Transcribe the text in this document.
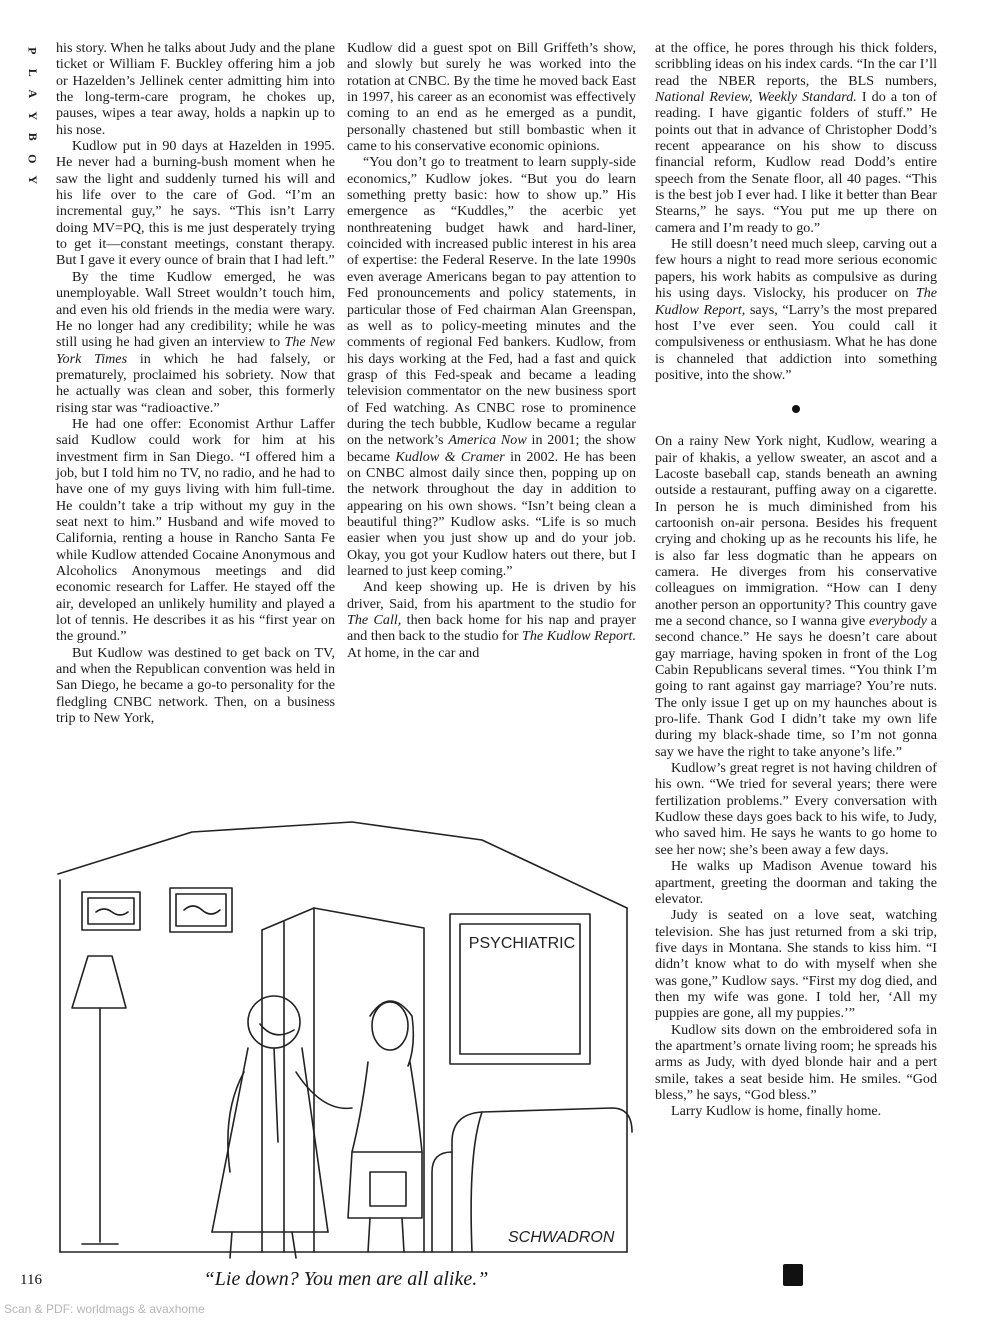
P
L
A
Y
B
O
Y

his story. When he talks about Judy and the plane ticket or William F. Buckley offering him a job or Hazelden’s Jellinek center admitting him into the long-term-care program, he chokes up, pauses, wipes a tear away, holds a napkin up to his nose.

Kudlow put in 90 days at Hazelden in 1995. He never had a burning-bush moment when he saw the light and suddenly turned his will and his life over to the care of God. “I’m an incremental guy,” he says. “This isn’t Larry doing MV=PQ, this is me just desperately trying to get it—constant meetings, constant therapy. But I gave it every ounce of brain that I had left.”

By the time Kudlow emerged, he was unemployable. Wall Street wouldn’t touch him, and even his old friends in the media were wary. He no longer had any credibility; while he was still using he had given an interview to The New York Times in which he had falsely, or prematurely, proclaimed his sobriety. Now that he actually was clean and sober, this formerly rising star was “radioactive.”

He had one offer: Economist Arthur Laffer said Kudlow could work for him at his investment firm in San Diego. “I offered him a job, but I told him no TV, no radio, and he had to have one of my guys living with him full-time. He couldn’t take a trip without my guy in the seat next to him.” Husband and wife moved to California, renting a house in Rancho Santa Fe while Kudlow attended Cocaine Anonymous and Alcoholics Anonymous meetings and did economic research for Laffer. He stayed off the air, developed an unlikely humility and played a lot of tennis. He describes it as his “first year on the ground.”

But Kudlow was destined to get back on TV, and when the Republican convention was held in San Diego, he became a go-to personality for the fledgling CNBC network. Then, on a business trip to New York,

Kudlow did a guest spot on Bill Griffeth’s show, and slowly but surely he was worked into the rotation at CNBC. By the time he moved back East in 1997, his career as an economist was effectively coming to an end as he emerged as a pundit, personally chastened but still bombastic when it came to his conservative economic opinions.

“You don’t go to treatment to learn supply-side economics,” Kudlow jokes. “But you do learn something pretty basic: how to show up.” His emergence as “Kuddles,” the acerbic yet nonthreatening budget hawk and hard-liner, coincided with increased public interest in his area of expertise: the Federal Reserve. In the late 1990s even average Americans began to pay attention to Fed pronouncements and policy statements, in particular those of Fed chairman Alan Greenspan, as well as to policy-meeting minutes and the comments of regional Fed bankers. Kudlow, from his days working at the Fed, had a fast and quick grasp of this Fed-speak and became a leading television commentator on the new business sport of Fed watching. As CNBC rose to prominence during the tech bubble, Kudlow became a regular on the network’s America Now in 2001; the show became Kudlow & Cramer in 2002. He has been on CNBC almost daily since then, popping up on the network throughout the day in addition to appearing on his own shows. “Isn’t being clean a beautiful thing?” Kudlow asks. “Life is so much easier when you just show up and do your job. Okay, you got your Kudlow haters out there, but I learned to just keep coming.”

And keep showing up. He is driven by his driver, Said, from his apartment to the studio for The Call, then back home for his nap and prayer and then back to the studio for The Kudlow Report. At home, in the car and

at the office, he pores through his thick folders, scribbling ideas on his index cards. “In the car I’ll read the NBER reports, the BLS numbers, National Review, Weekly Standard. I do a ton of reading. I have gigantic folders of stuff.” He points out that in advance of Christopher Dodd’s recent appearance on his show to discuss financial reform, Kudlow read Dodd’s entire speech from the Senate floor, all 40 pages. “This is the best job I ever had. I like it better than Bear Stearns,” he says. “You put me up there on camera and I’m ready to go.”

He still doesn’t need much sleep, carving out a few hours a night to read more serious economic papers, his work habits as compulsive as during his using days. Vislocky, his producer on The Kudlow Report, says, “Larry’s the most prepared host I’ve ever seen. You could call it compulsiveness or enthusiasm. What he has done is channeled that addiction into something positive, into the show.”

On a rainy New York night, Kudlow, wearing a pair of khakis, a yellow sweater, an ascot and a Lacoste baseball cap, stands beneath an awning outside a restaurant, puffing away on a cigarette. In person he is much diminished from his cartoonish on-air persona. Besides his frequent crying and choking up as he recounts his life, he is also far less dogmatic than he appears on camera. He diverges from his conservative colleagues on immigration. “How can I deny another person an opportunity? This country gave me a second chance, so I wanna give everybody a second chance.” He says he doesn’t care about gay marriage, having spoken in front of the Log Cabin Republicans several times. “You think I’m going to rant against gay marriage? You’re nuts. The only issue I get up on my haunches about is pro-life. Thank God I didn’t take my own life during my black-shade time, so I’m not gonna say we have the right to take anyone’s life.”

Kudlow’s great regret is not having children of his own. “We tried for several years; there were fertilization problems.” Every conversation with Kudlow these days goes back to his wife, to Judy, who saved him. He says he wants to go home to see her now; she’s been away a few days.

He walks up Madison Avenue toward his apartment, greeting the doorman and taking the elevator.

Judy is seated on a love seat, watching television. She has just returned from a ski trip, five days in Montana. She stands to kiss him. “I didn’t know what to do with myself when she was gone,” Kudlow says. “First my dog died, and then my wife was gone. I told her, ‘All my puppies are gone, all my puppies.’”

Kudlow sits down on the embroidered sofa in the apartment’s ornate living room; he spreads his arms as Judy, with dyed blonde hair and a pert smile, takes a seat beside him. He smiles. “God bless,” he says, “God bless.”

Larry Kudlow is home, finally home.

PSYCHIATRIC
SCHWADRON
“Lie down? You men are all alike.”
116
Scan & PDF: worldmags & avaxhome
